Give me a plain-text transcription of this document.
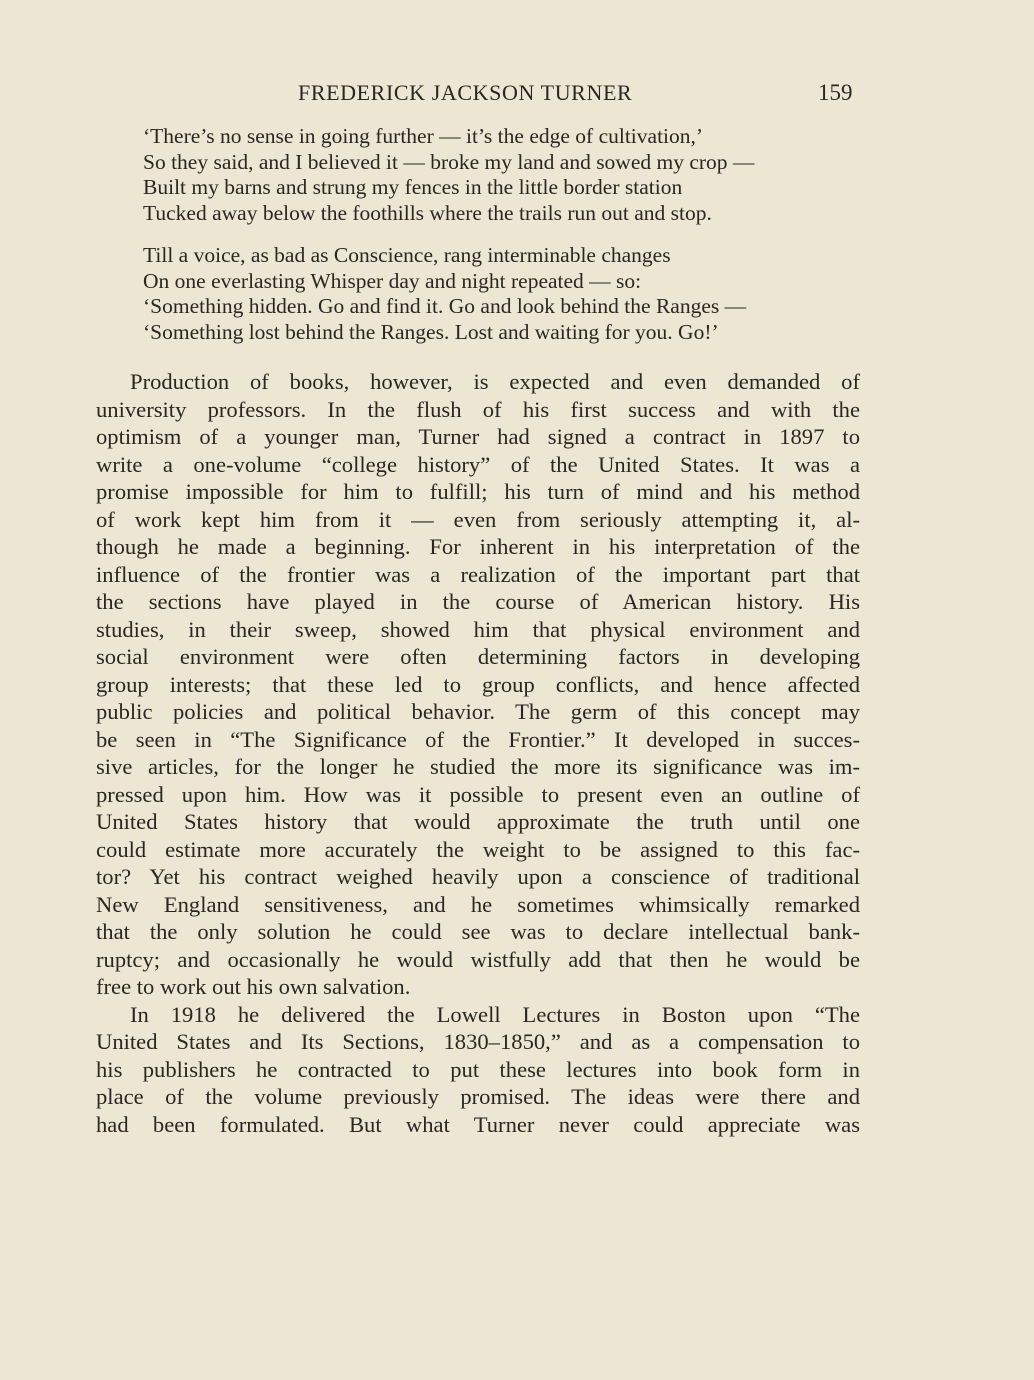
FREDERICK JACKSON TURNER	159
‘There’s no sense in going further — it’s the edge of cultivation,’
So they said, and I believed it — broke my land and sowed my crop —
Built my barns and strung my fences in the little border station
Tucked away below the foothills where the trails run out and stop.
Till a voice, as bad as Conscience, rang interminable changes
On one everlasting Whisper day and night repeated — so:
‘Something hidden. Go and find it. Go and look behind the Ranges —
‘Something lost behind the Ranges. Lost and waiting for you. Go!’
Production of books, however, is expected and even demanded of
university professors. In the flush of his first success and with the
optimism of a younger man, Turner had signed a contract in 1897 to
write a one-volume “college history” of the United States. It was a
promise impossible for him to fulfill; his turn of mind and his method
of work kept him from it — even from seriously attempting it, al-
though he made a beginning. For inherent in his interpretation of the
influence of the frontier was a realization of the important part that
the sections have played in the course of American history. His
studies, in their sweep, showed him that physical environment and
social environment were often determining factors in developing
group interests; that these led to group conflicts, and hence affected
public policies and political behavior. The germ of this concept may
be seen in “The Significance of the Frontier.” It developed in succes-
sive articles, for the longer he studied the more its significance was im-
pressed upon him. How was it possible to present even an outline of
United States history that would approximate the truth until one
could estimate more accurately the weight to be assigned to this fac-
tor? Yet his contract weighed heavily upon a conscience of traditional
New England sensitiveness, and he sometimes whimsically remarked
that the only solution he could see was to declare intellectual bank-
ruptcy; and occasionally he would wistfully add that then he would be
free to work out his own salvation.
In 1918 he delivered the Lowell Lectures in Boston upon “The
United States and Its Sections, 1830–1850,” and as a compensation to
his publishers he contracted to put these lectures into book form in
place of the volume previously promised. The ideas were there and
had been formulated. But what Turner never could appreciate was
